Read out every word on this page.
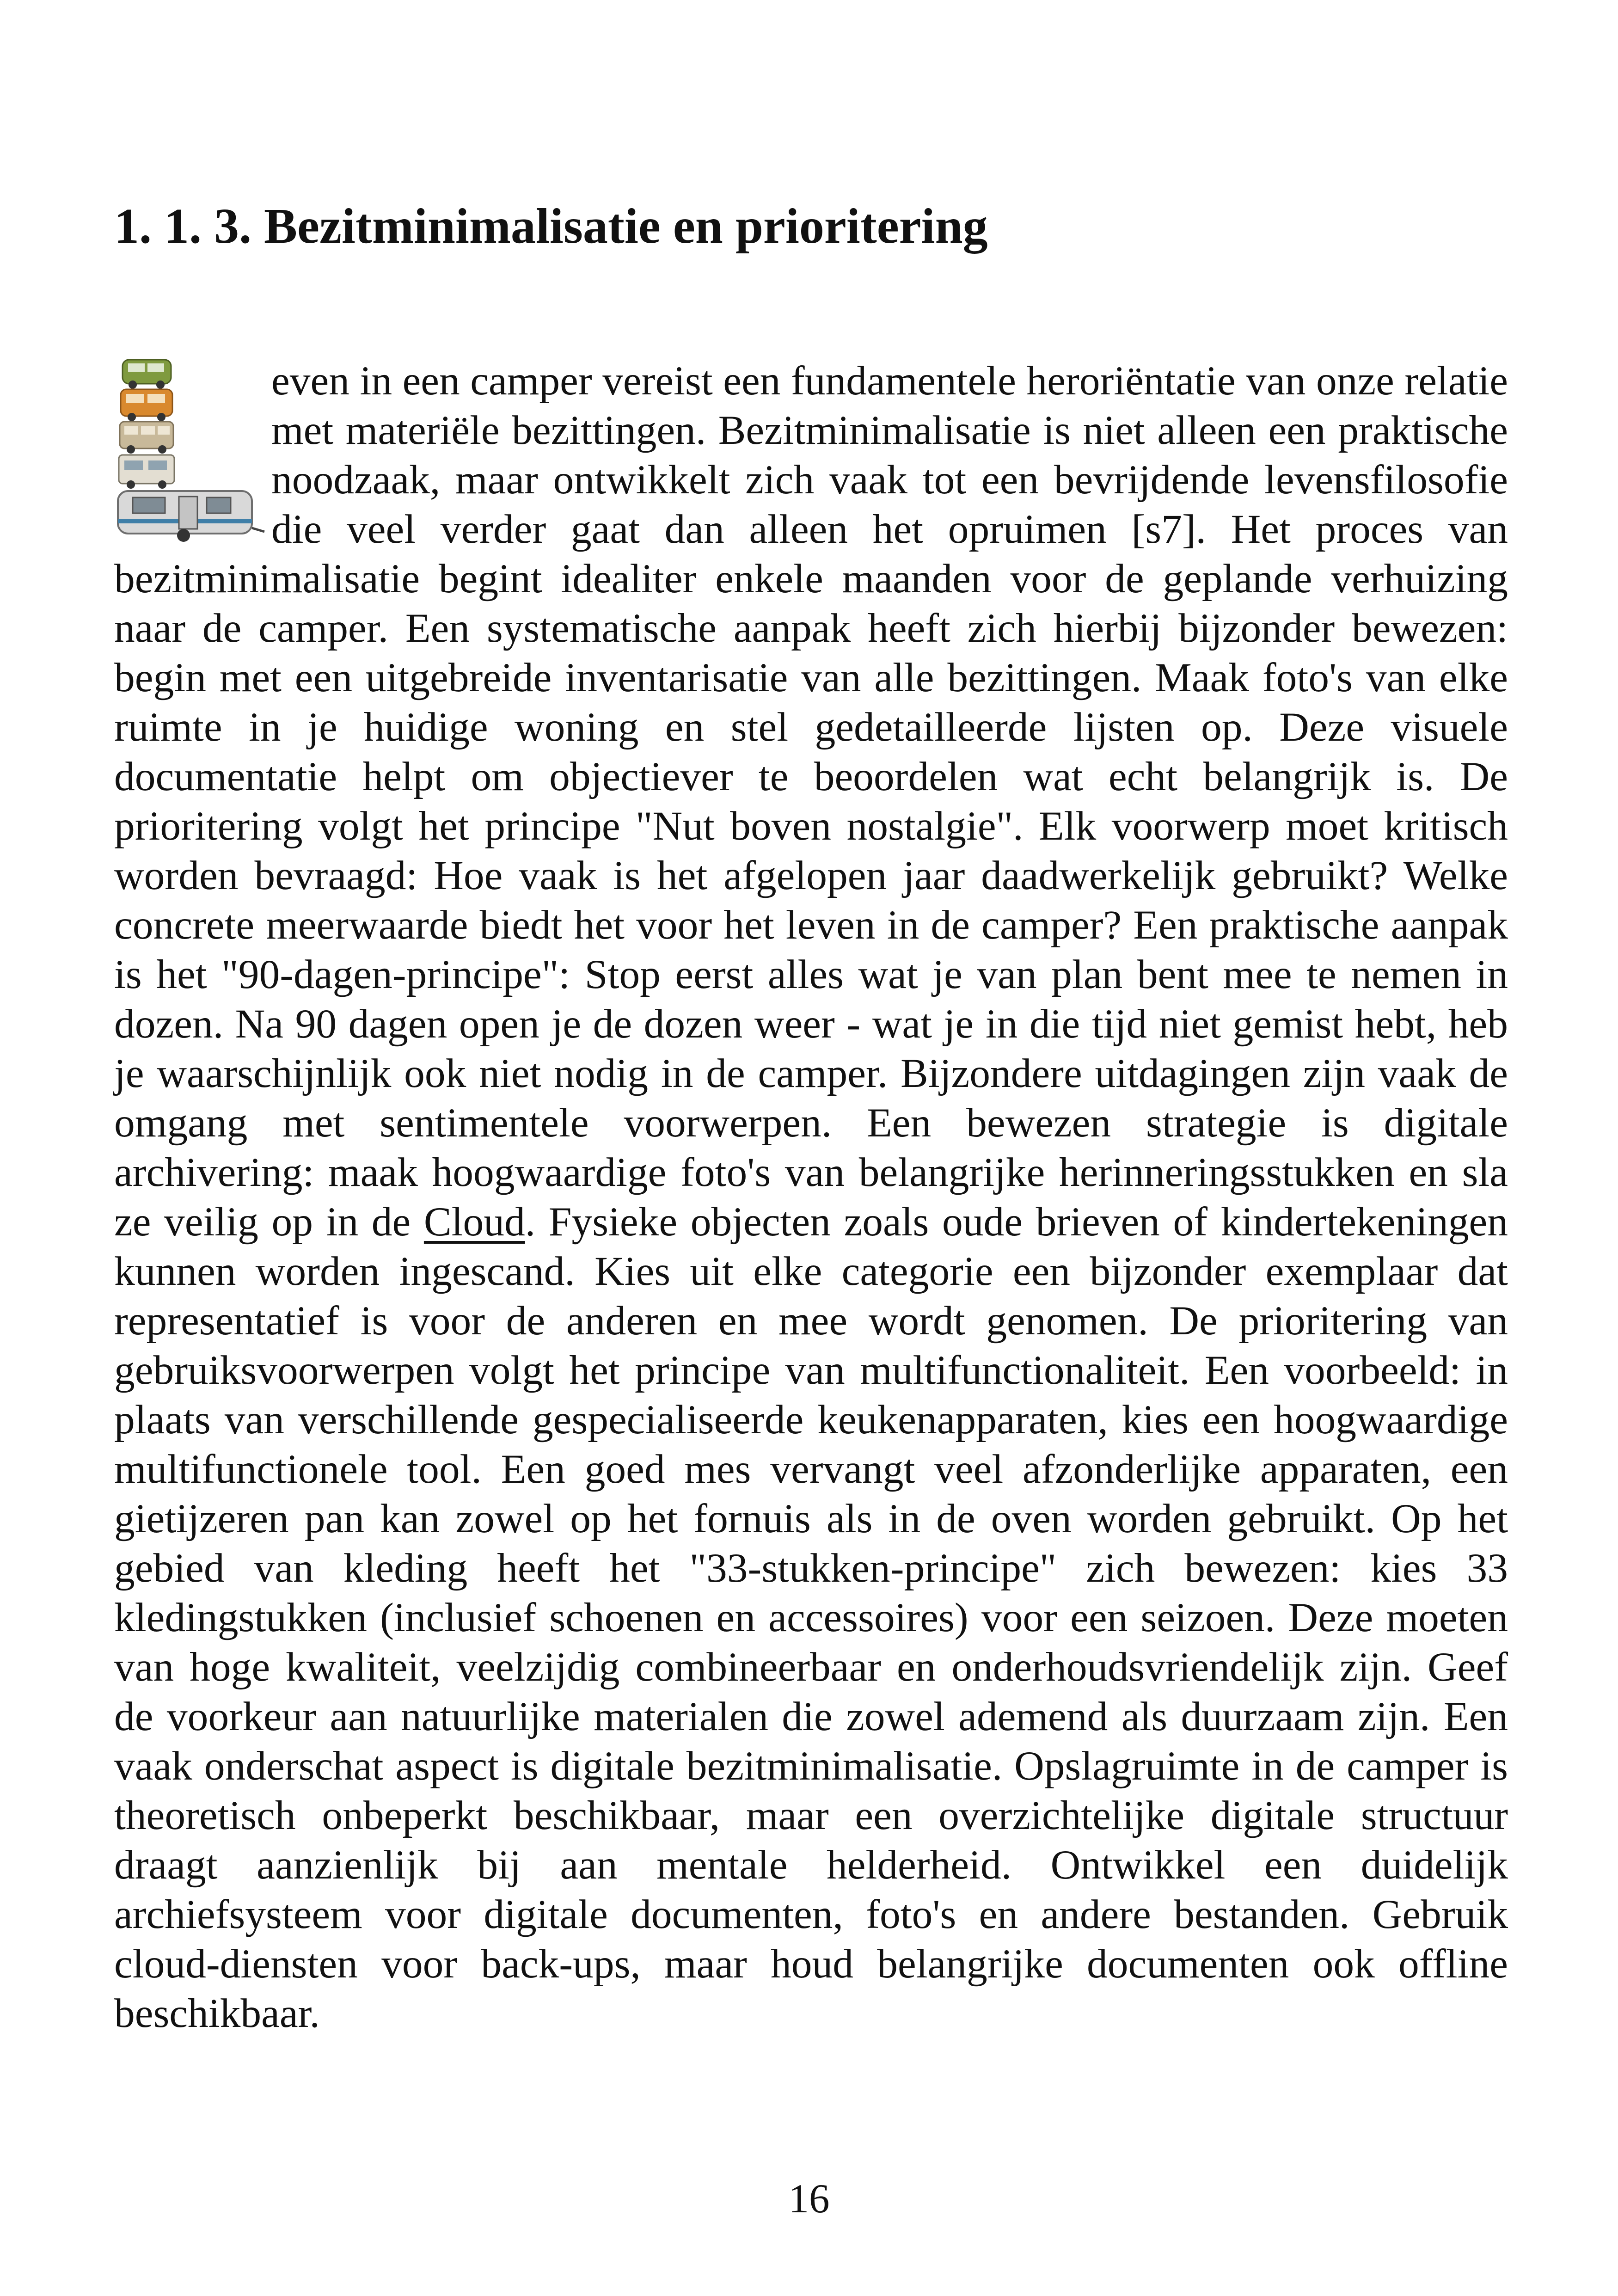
1. 1. 3. Bezitminimalisatie en prioritering
even in een camper vereist een fundamentele heroriëntatie van onze relatie met materiële bezittingen. Bezitminimalisatie is niet alleen een praktische noodzaak, maar ontwikkelt zich vaak tot een bevrijdende levensfilosofie die veel verder gaat dan alleen het opruimen [s7]. Het proces van bezitminimalisatie begint idealiter enkele maanden voor de geplande verhuizing naar de camper. Een systematische aanpak heeft zich hierbij bijzonder bewezen: begin met een uitgebreide inventarisatie van alle bezittingen. Maak foto's van elke ruimte in je huidige woning en stel gedetailleerde lijsten op. Deze visuele documentatie helpt om objectiever te beoordelen wat echt belangrijk is. De prioritering volgt het principe "Nut boven nostalgie". Elk voorwerp moet kritisch worden bevraagd: Hoe vaak is het afgelopen jaar daadwerkelijk gebruikt? Welke concrete meerwaarde biedt het voor het leven in de camper? Een praktische aanpak is het "90-dagen-principe": Stop eerst alles wat je van plan bent mee te nemen in dozen. Na 90 dagen open je de dozen weer - wat je in die tijd niet gemist hebt, heb je waarschijnlijk ook niet nodig in de camper. Bijzondere uitdagingen zijn vaak de omgang met sentimentele voorwerpen. Een bewezen strategie is digitale archivering: maak hoogwaardige foto's van belangrijke herinneringsstukken en sla ze veilig op in de Cloud. Fysieke objecten zoals oude brieven of kindertekeningen kunnen worden ingescand. Kies uit elke categorie een bijzonder exemplaar dat representatief is voor de anderen en mee wordt genomen. De prioritering van gebruiksvoorwerpen volgt het principe van multifunctionaliteit. Een voorbeeld: in plaats van verschillende gespecialiseerde keukenapparaten, kies een hoogwaardige multifunctionele tool. Een goed mes vervangt veel afzonderlijke apparaten, een gietijzeren pan kan zowel op het fornuis als in de oven worden gebruikt. Op het gebied van kleding heeft het "33-stukken-principe" zich bewezen: kies 33 kledingstukken (inclusief schoenen en accessoires) voor een seizoen. Deze moeten van hoge kwaliteit, veelzijdig combineerbaar en onderhoudsvriendelijk zijn. Geef de voorkeur aan natuurlijke materialen die zowel ademend als duurzaam zijn. Een vaak onderschat aspect is digitale bezitminimalisatie. Opslagruimte in de camper is theoretisch onbeperkt beschikbaar, maar een overzichtelijke digitale structuur draagt aanzienlijk bij aan mentale helderheid. Ontwikkel een duidelijk archiefsysteem voor digitale documenten, foto's en andere bestanden. Gebruik cloud-diensten voor back-ups, maar houd belangrijke documenten ook offline beschikbaar.

16
